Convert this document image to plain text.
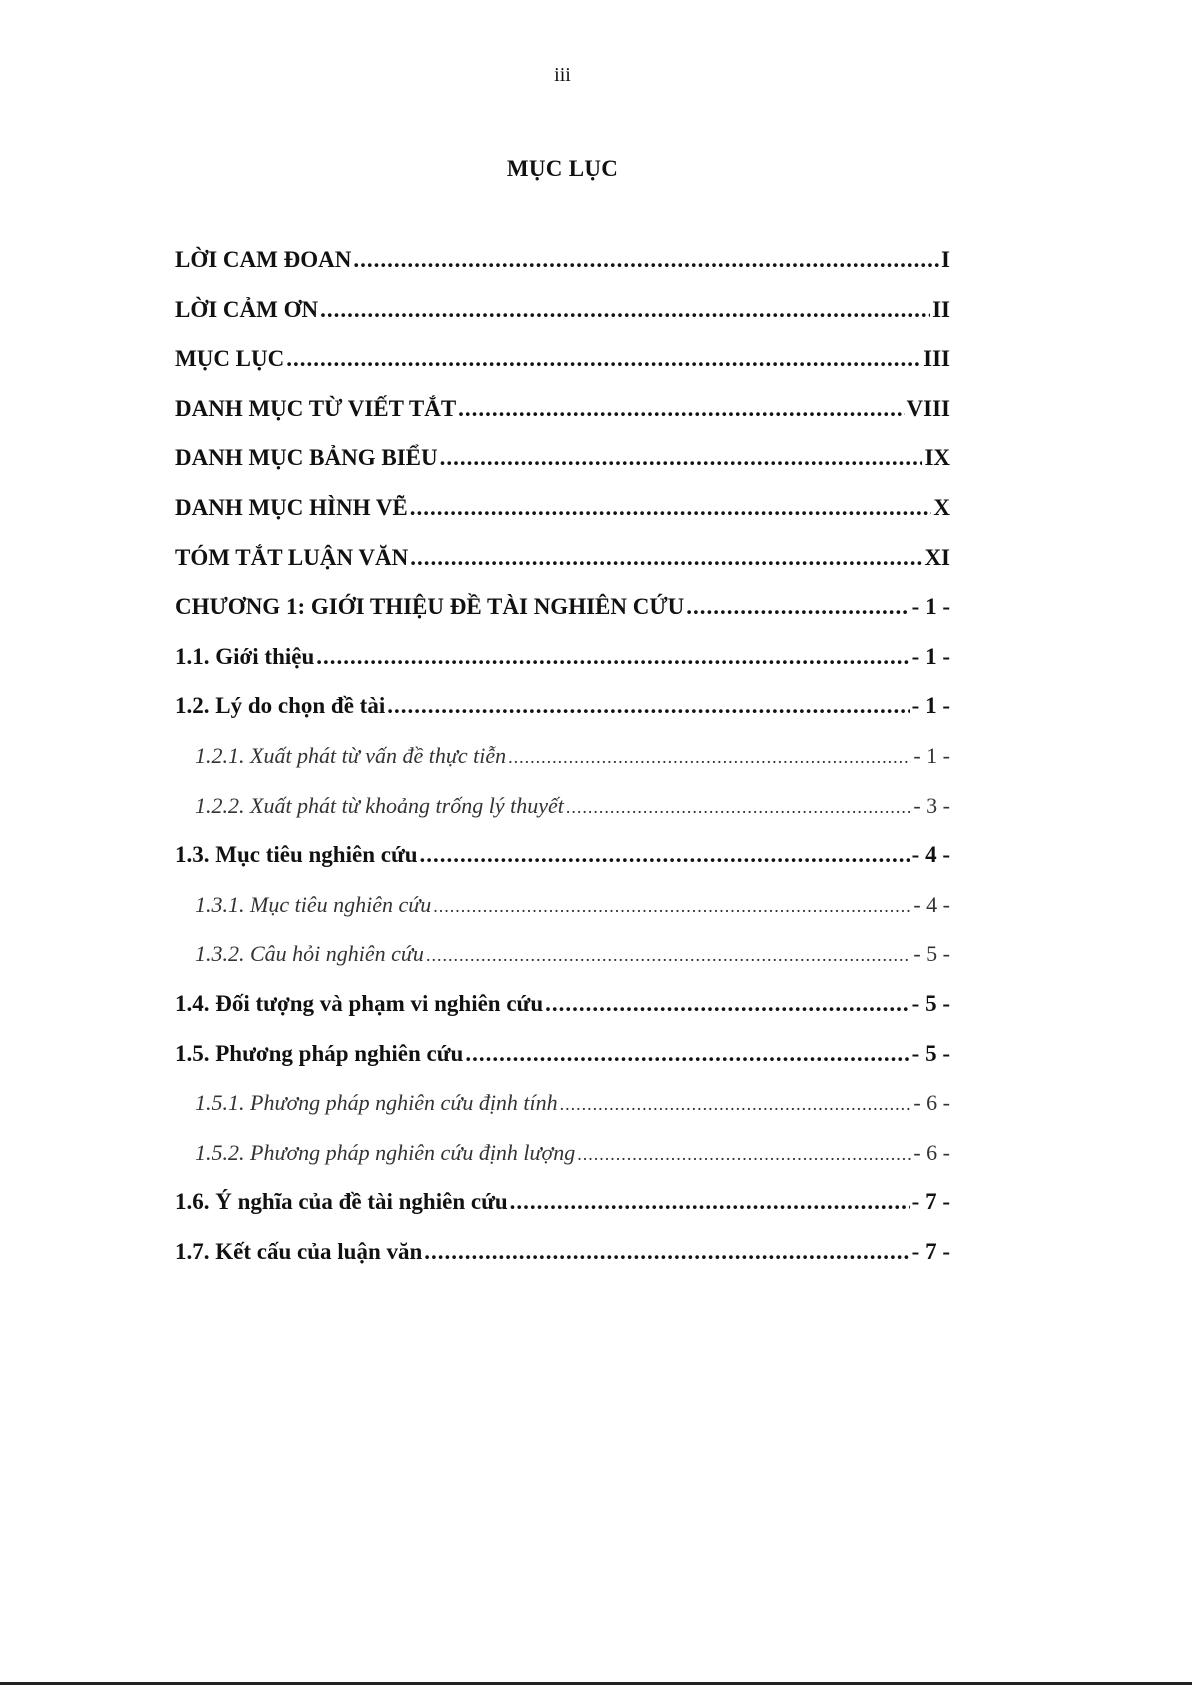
iii
MỤC LỤC
LỜI CAM ĐOAN .....	I
LỜI CẢM ƠN .....	II
MỤC LỤC .....	III
DANH MỤC TỪ VIẾT TẮT .....	VIII
DANH MỤC BẢNG BIỂU .....	IX
DANH MỤC HÌNH VẼ .....	X
TÓM TẮT LUẬN VĂN .....	XI
CHƯƠNG 1: GIỚI THIỆU ĐỀ TÀI NGHIÊN CỨU .....	- 1 -
1.1. Giới thiệu .....	- 1 -
1.2. Lý do chọn đề tài .....	- 1 -
1.2.1. Xuất phát từ vấn đề thực tiễn .....	- 1 -
1.2.2. Xuất phát từ khoảng trống lý thuyết .....	- 3 -
1.3. Mục tiêu nghiên cứu .....	- 4 -
1.3.1. Mục tiêu nghiên cứu .....	- 4 -
1.3.2. Câu hỏi nghiên cứu .....	- 5 -
1.4. Đối tượng và phạm vi nghiên cứu .....	- 5 -
1.5. Phương pháp nghiên cứu .....	- 5 -
1.5.1. Phương pháp nghiên cứu định tính .....	- 6 -
1.5.2. Phương pháp nghiên cứu định lượng .....	- 6 -
1.6. Ý nghĩa của đề tài nghiên cứu .....	- 7 -
1.7. Kết cấu của luận văn .....	- 7 -
